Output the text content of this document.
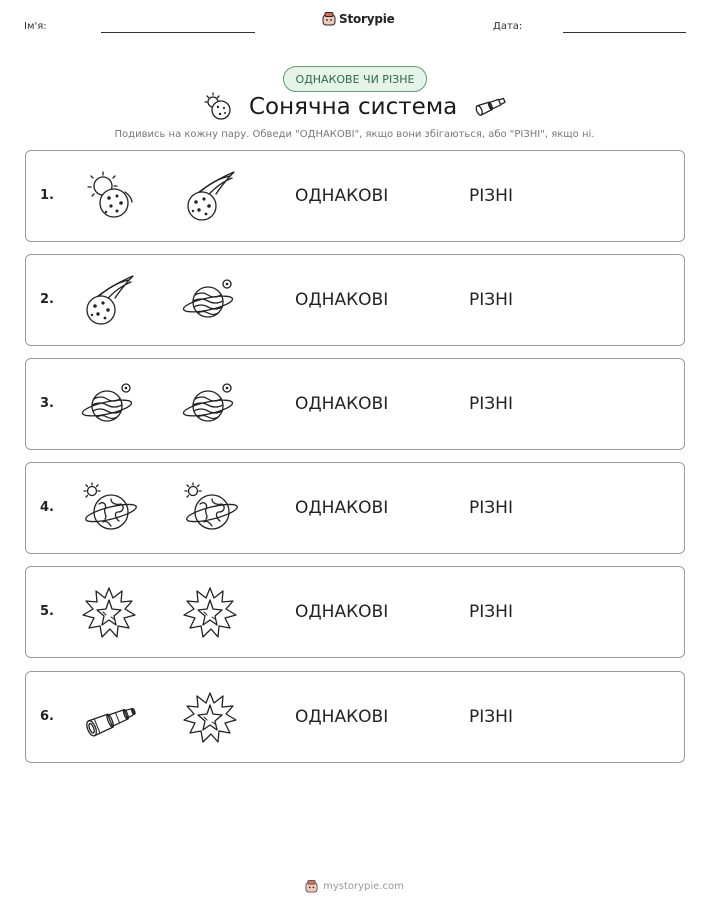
Ім'я:
Storypie
Дата:
ОДНАКОВЕ ЧИ РІЗНЕ
Сонячна система
Подивись на кожну пару. Обведи "ОДНАКОВІ", якщо вони збігаються, або "РІЗНІ", якщо ні.
1.	ОДНАКОВІ	РІЗНІ
2.	ОДНАКОВІ	РІЗНІ
3.	ОДНАКОВІ	РІЗНІ
4.	ОДНАКОВІ	РІЗНІ
5.	ОДНАКОВІ	РІЗНІ
6.	ОДНАКОВІ	РІЗНІ
mystorypie.com
